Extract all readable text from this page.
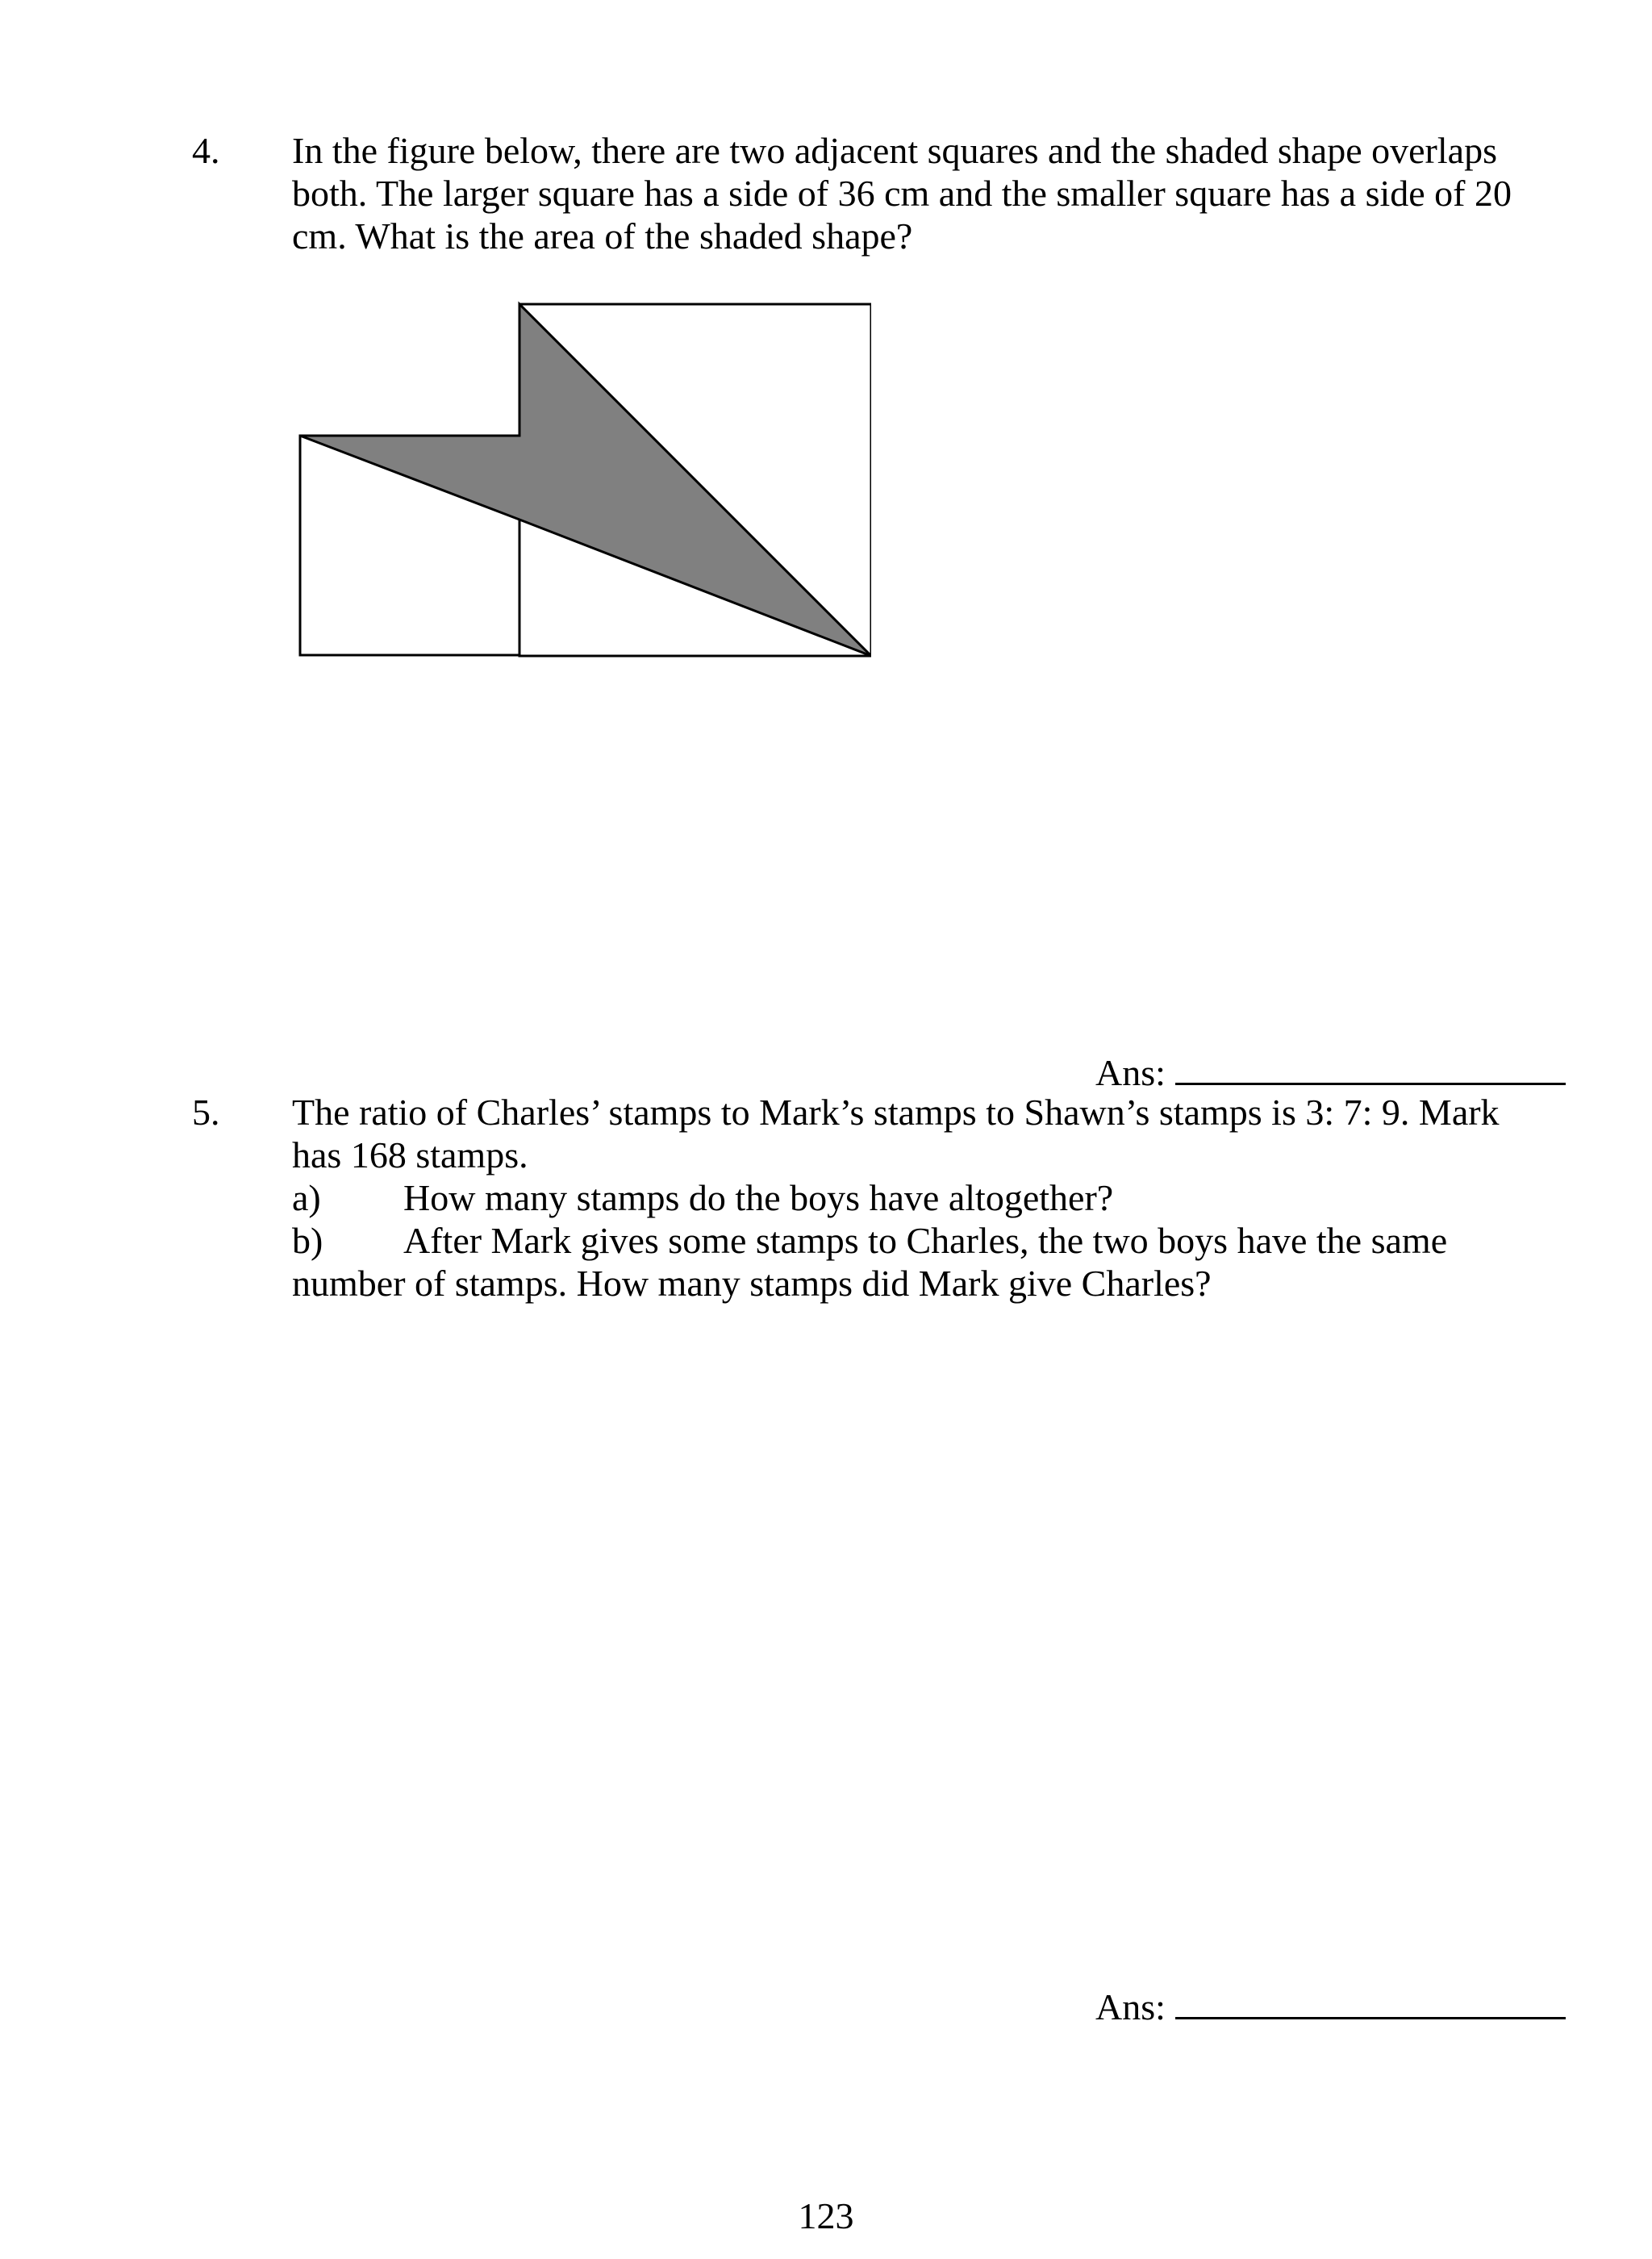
4. In the figure below, there are two adjacent squares and the shaded shape overlaps
both. The larger square has a side of 36 cm and the smaller square has a side of 20
cm. What is the area of the shaded shape?
Ans:
5. The ratio of Charles’ stamps to Mark’s stamps to Shawn’s stamps is 3: 7: 9. Mark
has 168 stamps.
a) How many stamps do the boys have altogether?
b) After Mark gives some stamps to Charles, the two boys have the same
number of stamps. How many stamps did Mark give Charles?
Ans:
123
